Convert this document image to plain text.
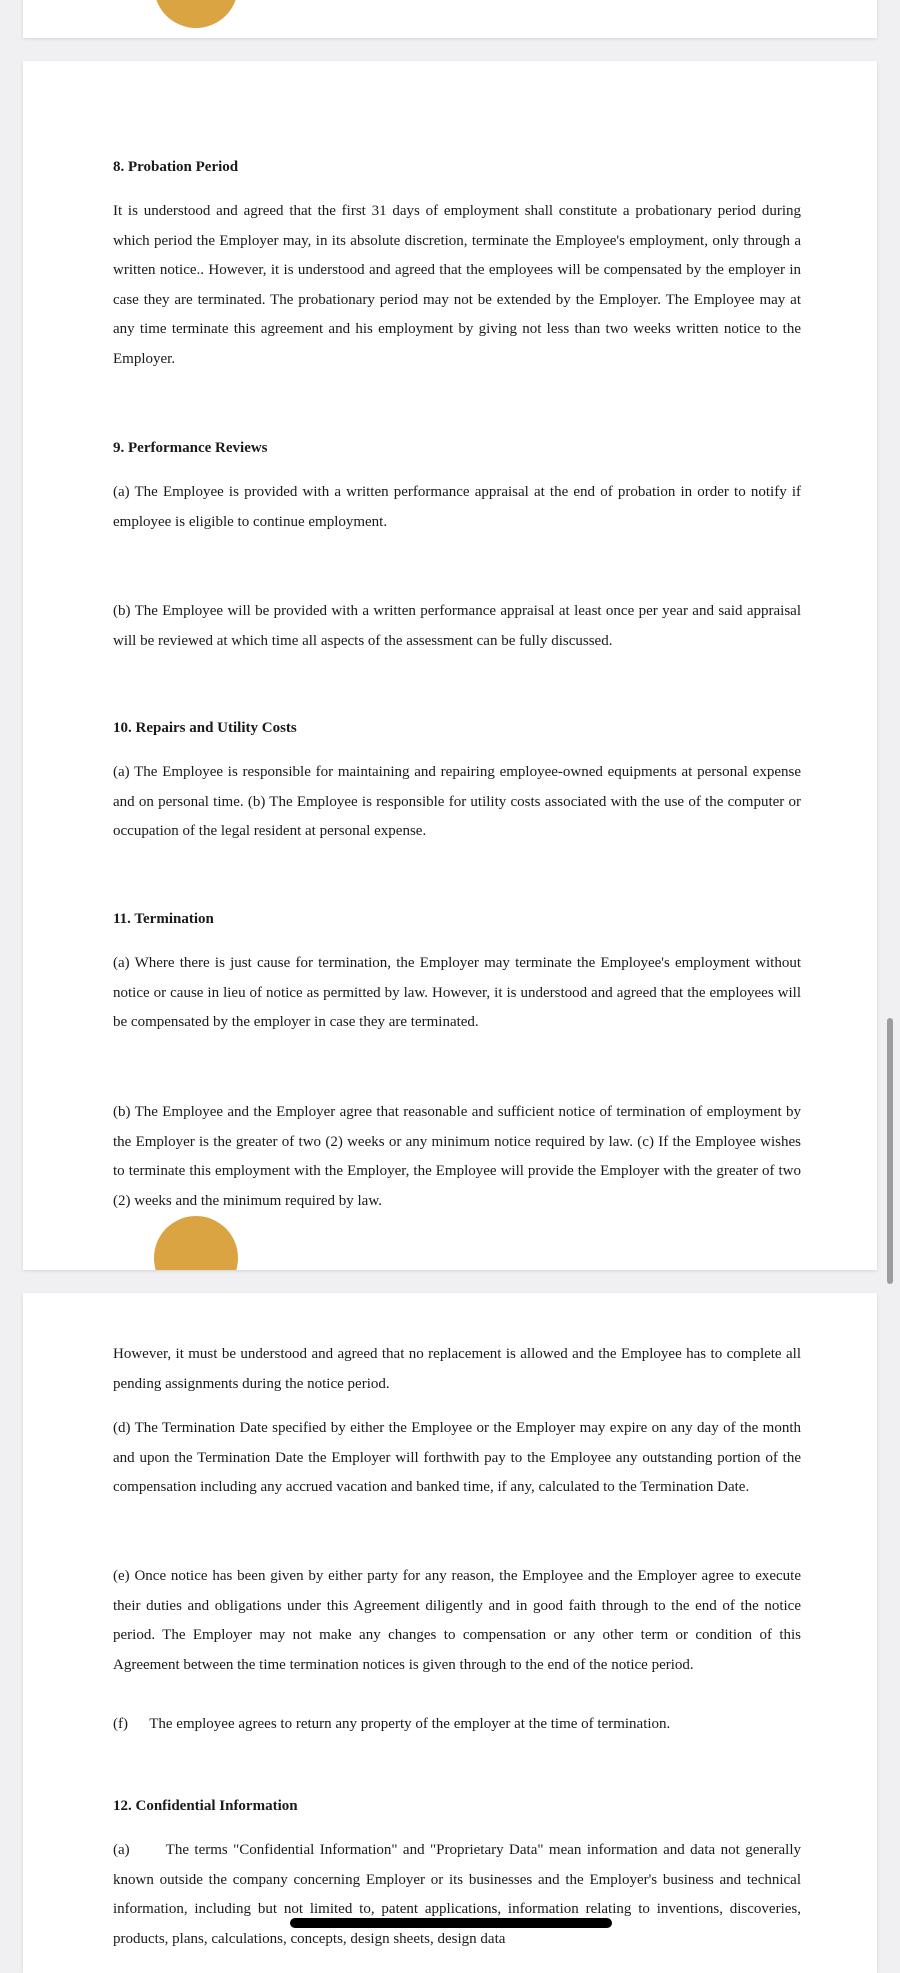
8. Probation Period

It is understood and agreed that the first 31 days of employment shall constitute a probationary period during which period the Employer may, in its absolute discretion, terminate the Employee's employment, only through a written notice.. However, it is understood and agreed that the employees will be compensated by the employer in case they are terminated. The probationary period may not be extended by the Employer. The Employee may at any time terminate this agreement and his employment by giving not less than two weeks written notice to the Employer.

9. Performance Reviews

(a) The Employee is provided with a written performance appraisal at the end of probation in order to notify if employee is eligible to continue employment.

(b) The Employee will be provided with a written performance appraisal at least once per year and said appraisal will be reviewed at which time all aspects of the assessment can be fully discussed.

10. Repairs and Utility Costs

(a) The Employee is responsible for maintaining and repairing employee-owned equipments at personal expense and on personal time. (b) The Employee is responsible for utility costs associated with the use of the computer or occupation of the legal resident at personal expense.

11. Termination

(a) Where there is just cause for termination, the Employer may terminate the Employee's employment without notice or cause in lieu of notice as permitted by law. However, it is understood and agreed that the employees will be compensated by the employer in case they are terminated.

(b) The Employee and the Employer agree that reasonable and sufficient notice of termination of employment by the Employer is the greater of two (2) weeks or any minimum notice required by law. (c) If the Employee wishes to terminate this employment with the Employer, the Employee will provide the Employer with the greater of two (2) weeks and the minimum required by law.

However, it must be understood and agreed that no replacement is allowed and the Employee has to complete all pending assignments during the notice period.

(d) The Termination Date specified by either the Employee or the Employer may expire on any day of the month and upon the Termination Date the Employer will forthwith pay to the Employee any outstanding portion of the compensation including any accrued vacation and banked time, if any, calculated to the Termination Date.

(e) Once notice has been given by either party for any reason, the Employee and the Employer agree to execute their duties and obligations under this Agreement diligently and in good faith through to the end of the notice period. The Employer may not make any changes to compensation or any other term or condition of this Agreement between the time termination notices is given through to the end of the notice period.

(f) The employee agrees to return any property of the employer at the time of termination.

12. Confidential Information

(a) The terms "Confidential Information" and "Proprietary Data" mean information and data not generally known outside the company concerning Employer or its businesses and the Employer's business and technical information, including but not limited to, patent applications, information relating to inventions, discoveries, products, plans, calculations, concepts, design sheets, design data
